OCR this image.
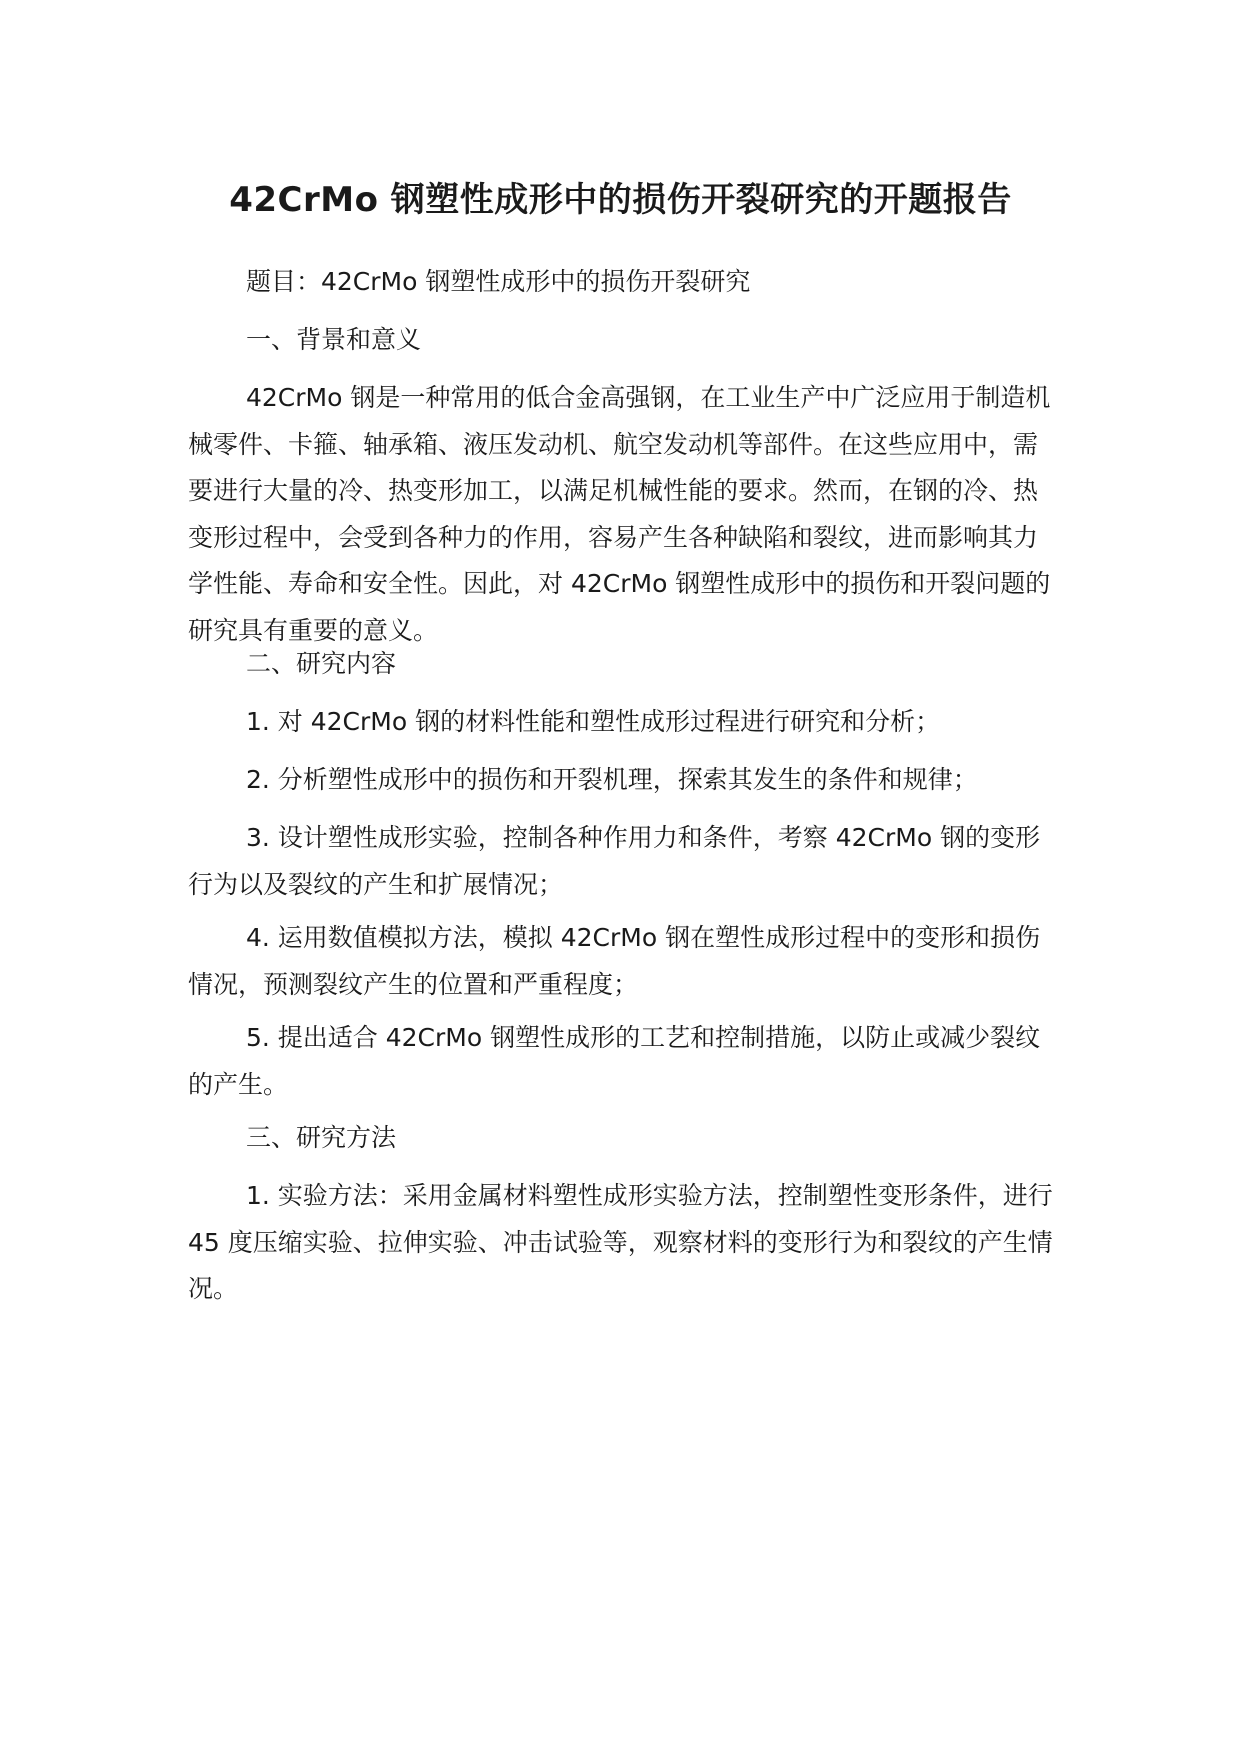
42CrMo 钢塑性成形中的损伤开裂研究的开题报告

题目：42CrMo 钢塑性成形中的损伤开裂研究

一、背景和意义

42CrMo 钢是一种常用的低合金高强钢，在工业生产中广泛应用于制造机械零件、卡箍、轴承箱、液压发动机、航空发动机等部件。在这些应用中，需要进行大量的冷、热变形加工，以满足机械性能的要求。然而，在钢的冷、热变形过程中，会受到各种力的作用，容易产生各种缺陷和裂纹，进而影响其力学性能、寿命和安全性。因此，对 42CrMo 钢塑性成形中的损伤和开裂问题的研究具有重要的意义。

二、研究内容

1. 对 42CrMo 钢的材料性能和塑性成形过程进行研究和分析；

2. 分析塑性成形中的损伤和开裂机理，探索其发生的条件和规律；

3. 设计塑性成形实验，控制各种作用力和条件，考察 42CrMo 钢的变形行为以及裂纹的产生和扩展情况；

4. 运用数值模拟方法，模拟 42CrMo 钢在塑性成形过程中的变形和损伤情况，预测裂纹产生的位置和严重程度；

5. 提出适合 42CrMo 钢塑性成形的工艺和控制措施，以防止或减少裂纹的产生。

三、研究方法

1. 实验方法：采用金属材料塑性成形实验方法，控制塑性变形条件，进行 45 度压缩实验、拉伸实验、冲击试验等，观察材料的变形行为和裂纹的产生情况。
